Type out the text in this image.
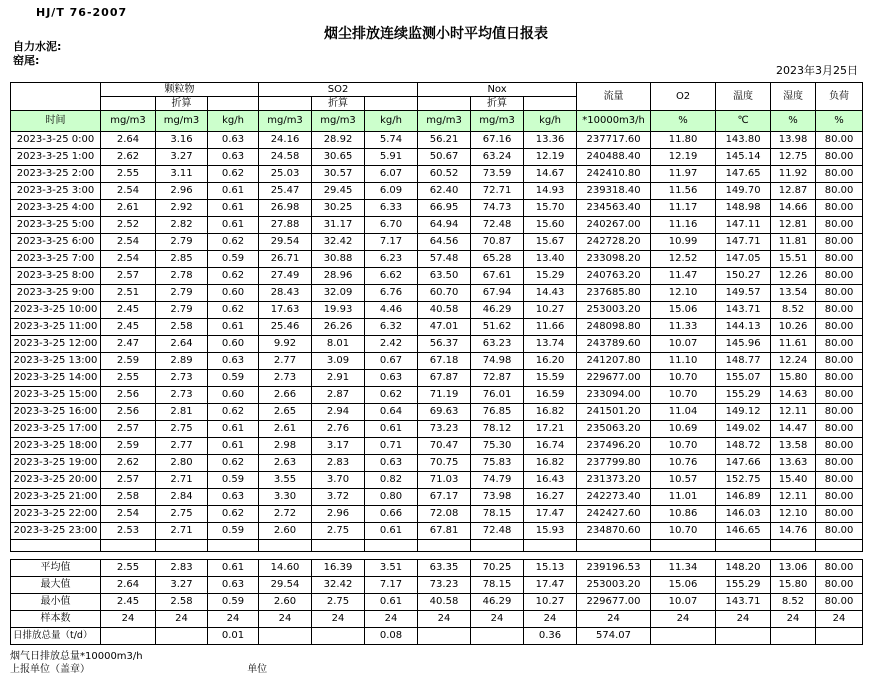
HJ/T 76-2007
烟尘排放连续监测小时平均值日报表
自力水泥:
窑尾:
2023年3月25日
	颗粒物			SO2			Nox			流量	O2	温度	湿度	负荷
		折算			折算			折算						
时间	mg/m3	mg/m3	kg/h	mg/m3	mg/m3	kg/h	mg/m3	mg/m3	kg/h	*10000m3/h	%	℃	%	%
2023-3-25 0:00	2.64	3.16	0.63	24.16	28.92	5.74	56.21	67.16	13.36	237717.60	11.80	143.80	13.98	80.00
2023-3-25 1:00	2.62	3.27	0.63	24.58	30.65	5.91	50.67	63.24	12.19	240488.40	12.19	145.14	12.75	80.00
2023-3-25 2:00	2.55	3.11	0.62	25.03	30.57	6.07	60.52	73.59	14.67	242410.80	11.97	147.65	11.92	80.00
2023-3-25 3:00	2.54	2.96	0.61	25.47	29.45	6.09	62.40	72.71	14.93	239318.40	11.56	149.70	12.87	80.00
2023-3-25 4:00	2.61	2.92	0.61	26.98	30.25	6.33	66.95	74.73	15.70	234563.40	11.17	148.98	14.66	80.00
2023-3-25 5:00	2.52	2.82	0.61	27.88	31.17	6.70	64.94	72.48	15.60	240267.00	11.16	147.11	12.81	80.00
2023-3-25 6:00	2.54	2.79	0.62	29.54	32.42	7.17	64.56	70.87	15.67	242728.20	10.99	147.71	11.81	80.00
2023-3-25 7:00	2.54	2.85	0.59	26.71	30.88	6.23	57.48	65.28	13.40	233098.20	12.52	147.05	15.51	80.00
2023-3-25 8:00	2.57	2.78	0.62	27.49	28.96	6.62	63.50	67.61	15.29	240763.20	11.47	150.27	12.26	80.00
2023-3-25 9:00	2.51	2.79	0.60	28.43	32.09	6.76	60.70	67.94	14.43	237685.80	12.10	149.57	13.54	80.00
2023-3-25 10:00	2.45	2.79	0.62	17.63	19.93	4.46	40.58	46.29	10.27	253003.20	15.06	143.71	8.52	80.00
2023-3-25 11:00	2.45	2.58	0.61	25.46	26.26	6.32	47.01	51.62	11.66	248098.80	11.33	144.13	10.26	80.00
2023-3-25 12:00	2.47	2.64	0.60	9.92	8.01	2.42	56.37	63.23	13.74	243789.60	10.07	145.96	11.61	80.00
2023-3-25 13:00	2.59	2.89	0.63	2.77	3.09	0.67	67.18	74.98	16.20	241207.80	11.10	148.77	12.24	80.00
2023-3-25 14:00	2.55	2.73	0.59	2.73	2.91	0.63	67.87	72.87	15.59	229677.00	10.70	155.07	15.80	80.00
2023-3-25 15:00	2.56	2.73	0.60	2.66	2.87	0.62	71.19	76.01	16.59	233094.00	10.70	155.29	14.63	80.00
2023-3-25 16:00	2.56	2.81	0.62	2.65	2.94	0.64	69.63	76.85	16.82	241501.20	11.04	149.12	12.11	80.00
2023-3-25 17:00	2.57	2.75	0.61	2.61	2.76	0.61	73.23	78.12	17.21	235063.20	10.69	149.02	14.47	80.00
2023-3-25 18:00	2.59	2.77	0.61	2.98	3.17	0.71	70.47	75.30	16.74	237496.20	10.70	148.72	13.58	80.00
2023-3-25 19:00	2.62	2.80	0.62	2.63	2.83	0.63	70.75	75.83	16.82	237799.80	10.76	147.66	13.63	80.00
2023-3-25 20:00	2.57	2.71	0.59	3.55	3.70	0.82	71.03	74.79	16.43	231373.20	10.57	152.75	15.40	80.00
2023-3-25 21:00	2.58	2.84	0.63	3.30	3.72	0.80	67.17	73.98	16.27	242273.40	11.01	146.89	12.11	80.00
2023-3-25 22:00	2.54	2.75	0.62	2.72	2.96	0.66	72.08	78.15	17.47	242427.60	10.86	146.03	12.10	80.00
2023-3-25 23:00	2.53	2.71	0.59	2.60	2.75	0.61	67.81	72.48	15.93	234870.60	10.70	146.65	14.76	80.00

平均值	2.55	2.83	0.61	14.60	16.39	3.51	63.35	70.25	15.13	239196.53	11.34	148.20	13.06	80.00
最大值	2.64	3.27	0.63	29.54	32.42	7.17	73.23	78.15	17.47	253003.20	15.06	155.29	15.80	80.00
最小值	2.45	2.58	0.59	2.60	2.75	0.61	40.58	46.29	10.27	229677.00	10.07	143.71	8.52	80.00
样本数	24	24	24	24	24	24	24	24	24	24	24	24	24	24
日排放总量（t/d）			0.01			0.08			0.36	574.07				
烟气日排放总量*10000m3/h
上报单位（盖章）	单位
